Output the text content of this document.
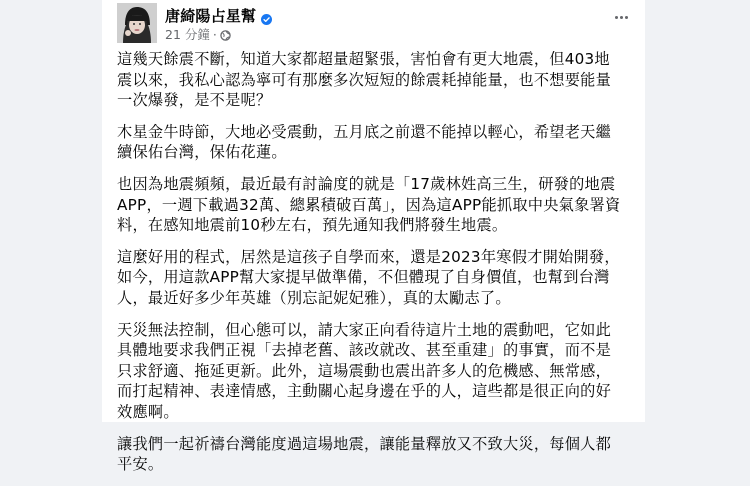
唐綺陽占星幫
21 分鐘 ·

這幾天餘震不斷，知道大家都超量超緊張，害怕會有更大地震，但403地震以來，我私心認為寧可有那麼多次短短的餘震耗掉能量，也不想要能量一次爆發，是不是呢？

木星金牛時節，大地必受震動，五月底之前還不能掉以輕心，希望老天繼續保佑台灣，保佑花蓮。

也因為地震頻頻，最近最有討論度的就是「17歲林姓高三生，研發的地震APP，一週下載過32萬、總累積破百萬」，因為這APP能抓取中央氣象署資料，在感知地震前10秒左右，預先通知我們將發生地震。

這麼好用的程式，居然是這孩子自學而來，還是2023年寒假才開始開發，如今，用這款APP幫大家提早做準備，不但體現了自身價值，也幫到台灣人，最近好多少年英雄（別忘記妮妃雅），真的太勵志了。

天災無法控制，但心態可以，請大家正向看待這片土地的震動吧，它如此具體地要求我們正視「去掉老舊、該改就改、甚至重建」的事實，而不是只求舒適、拖延更新。此外，這場震動也震出許多人的危機感、無常感，而打起精神、表達情感，主動關心起身邊在乎的人，這些都是很正向的好效應啊。

讓我們一起祈禱台灣能度過這場地震，讓能量釋放又不致大災，每個人都平安。
